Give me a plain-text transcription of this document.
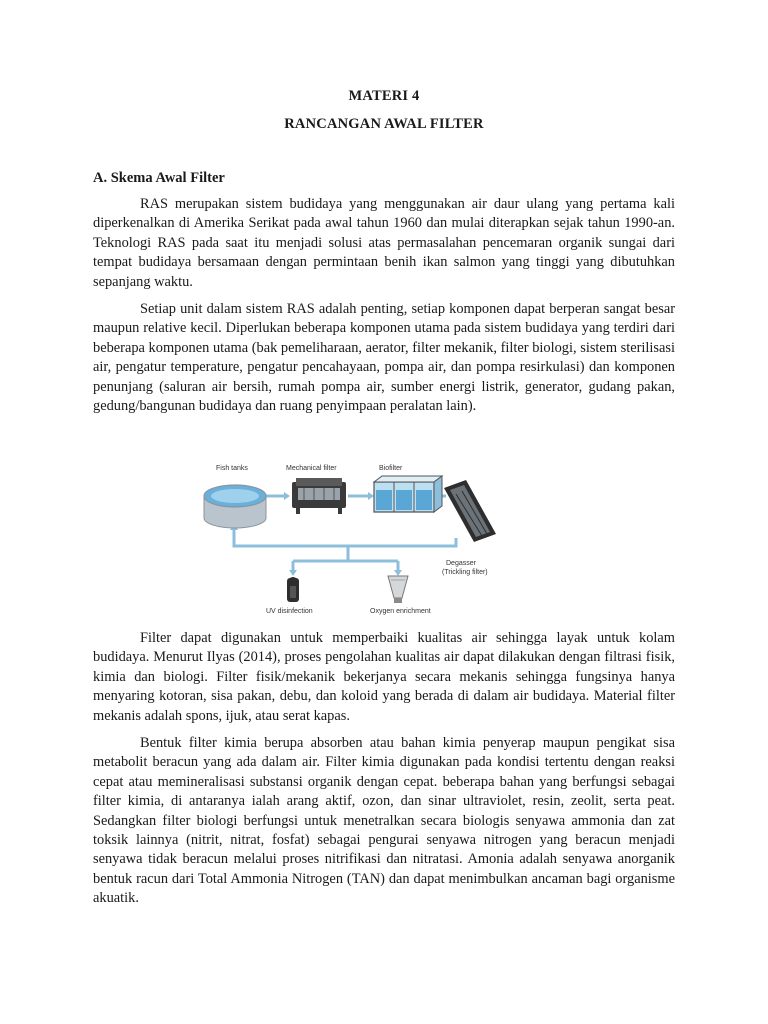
MATERI 4
RANCANGAN AWAL FILTER
A. Skema Awal Filter

RAS merupakan sistem budidaya yang menggunakan air daur ulang yang pertama kali diperkenalkan di Amerika Serikat pada awal tahun 1960 dan mulai diterapkan sejak tahun 1990-an. Teknologi RAS pada saat itu menjadi solusi atas permasalahan pencemaran organik sungai dari tempat budidaya bersamaan dengan permintaan benih ikan salmon yang tinggi yang dibutuhkan sepanjang waktu.

Setiap unit dalam sistem RAS adalah penting, setiap komponen dapat berperan sangat besar maupun relative kecil. Diperlukan beberapa komponen utama pada sistem budidaya yang terdiri dari beberapa komponen utama (bak pemeliharaan, aerator, filter mekanik, filter biologi, sistem sterilisasi air, pengatur temperature, pengatur pencahayaan, pompa air, dan pompa resirkulasi) dan komponen penunjang (saluran air bersih, rumah pompa air, sumber energi listrik, generator, gudang pakan, gedung/bangunan budidaya dan ruang penyimpaan peralatan lain).

Fish tanks	Mechanical filter	Biofilter
Degasser
(Trickling filter)
UV disinfection	Oxygen enrichment

Filter dapat digunakan untuk memperbaiki kualitas air sehingga layak untuk kolam budidaya. Menurut Ilyas (2014), proses pengolahan kualitas air dapat dilakukan dengan filtrasi fisik, kimia dan biologi. Filter fisik/mekanik bekerjanya secara mekanis sehingga fungsinya hanya menyaring kotoran, sisa pakan, debu, dan koloid yang berada di dalam air budidaya. Material filter mekanis adalah spons, ijuk, atau serat kapas.

Bentuk filter kimia berupa absorben atau bahan kimia penyerap maupun pengikat sisa metabolit beracun yang ada dalam air. Filter kimia digunakan pada kondisi tertentu dengan reaksi cepat atau memineralisasi substansi organik dengan cepat. beberapa bahan yang berfungsi sebagai filter kimia, di antaranya ialah arang aktif, ozon, dan sinar ultraviolet, resin, zeolit, serta peat. Sedangkan filter biologi berfungsi untuk menetralkan secara biologis senyawa ammonia dan zat toksik lainnya (nitrit, nitrat, fosfat) sebagai pengurai senyawa nitrogen yang beracun menjadi senyawa tidak beracun melalui proses nitrifikasi dan nitratasi. Amonia adalah senyawa anorganik bentuk racun dari Total Ammonia Nitrogen (TAN) dan dapat menimbulkan ancaman bagi organisme akuatik.
